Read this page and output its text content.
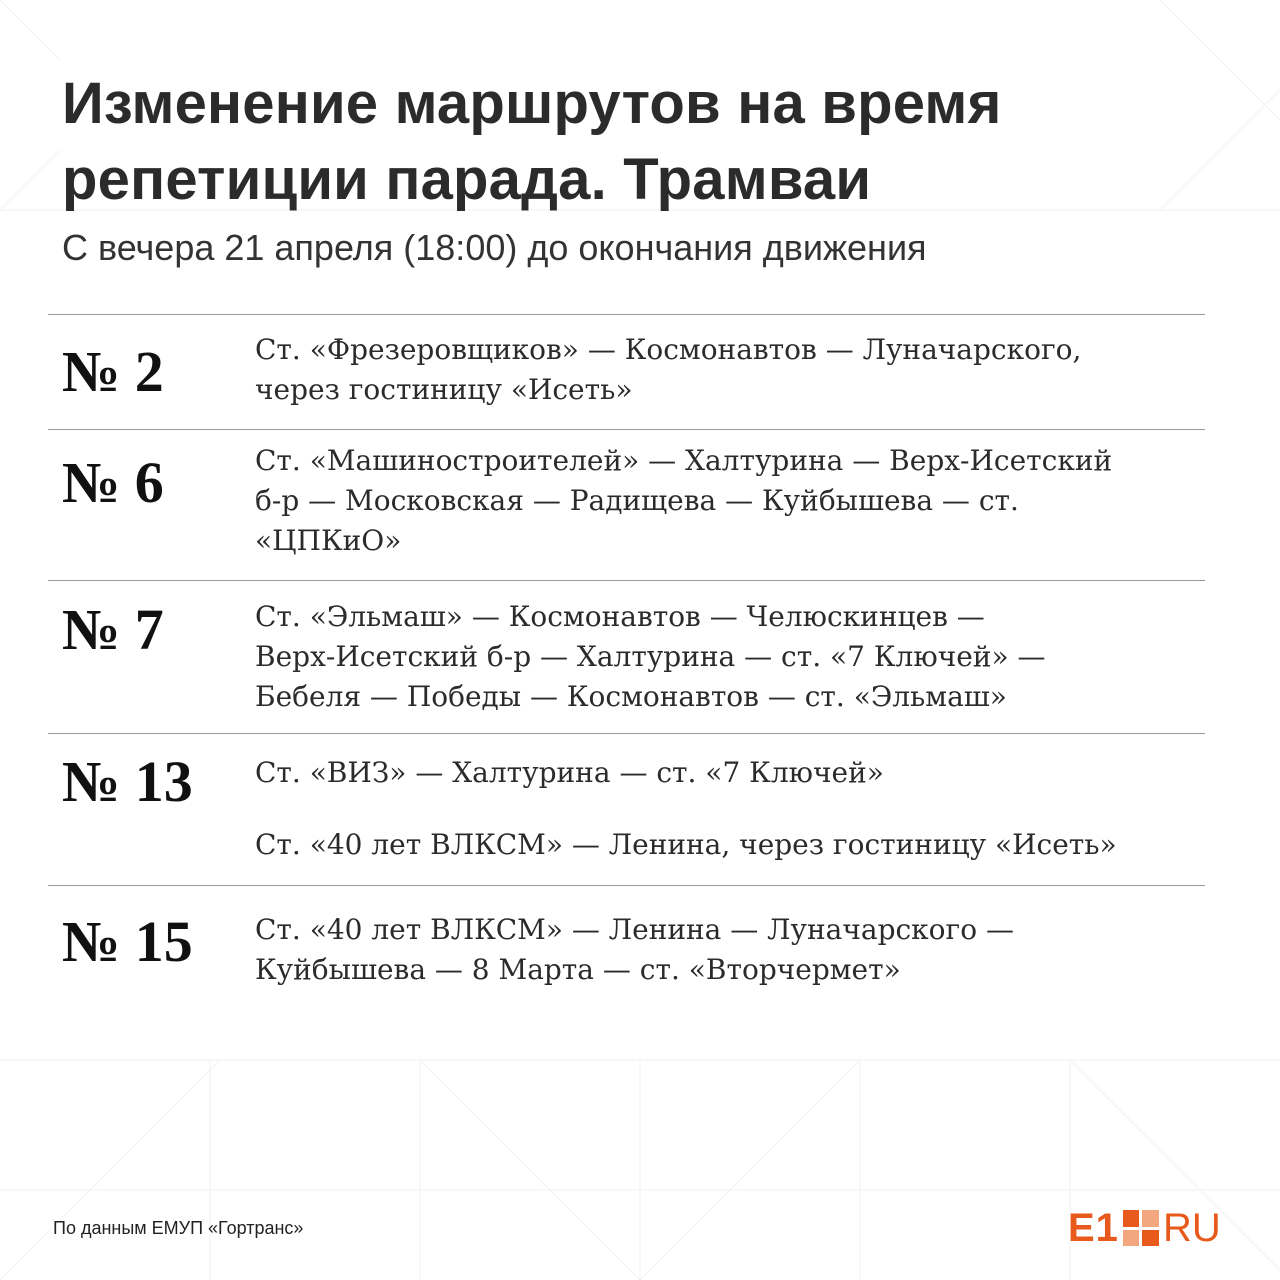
Изменение маршрутов на время
репетиции парада. Трамваи

С вечера 21 апреля (18:00) до окончания движения

№ 2	Ст. «Фрезеровщиков» — Космонавтов — Луначарского,
через гостиницу «Исеть»

№ 6	Ст. «Машиностроителей» — Халтурина — Верх-Исетский
б-р — Московская — Радищева — Куйбышева — ст.
«ЦПКиО»

№ 7	Ст. «Эльмаш» — Космонавтов — Челюскинцев —
Верх-Исетский б-р — Халтурина — ст. «7 Ключей» —
Бебеля — Победы — Космонавтов — ст. «Эльмаш»

№ 13 Ст. «ВИЗ» — Халтурина — ст. «7 Ключей»

Ст. «40 лет ВЛКСМ» — Ленина, через гостиницу «Исеть»

№ 15 Ст. «40 лет ВЛКСМ» — Ленина — Луначарского —
Куйбышева — 8 Марта — ст. «Вторчермет»

По данным ЕМУП «Гортранс»	E1 RU
